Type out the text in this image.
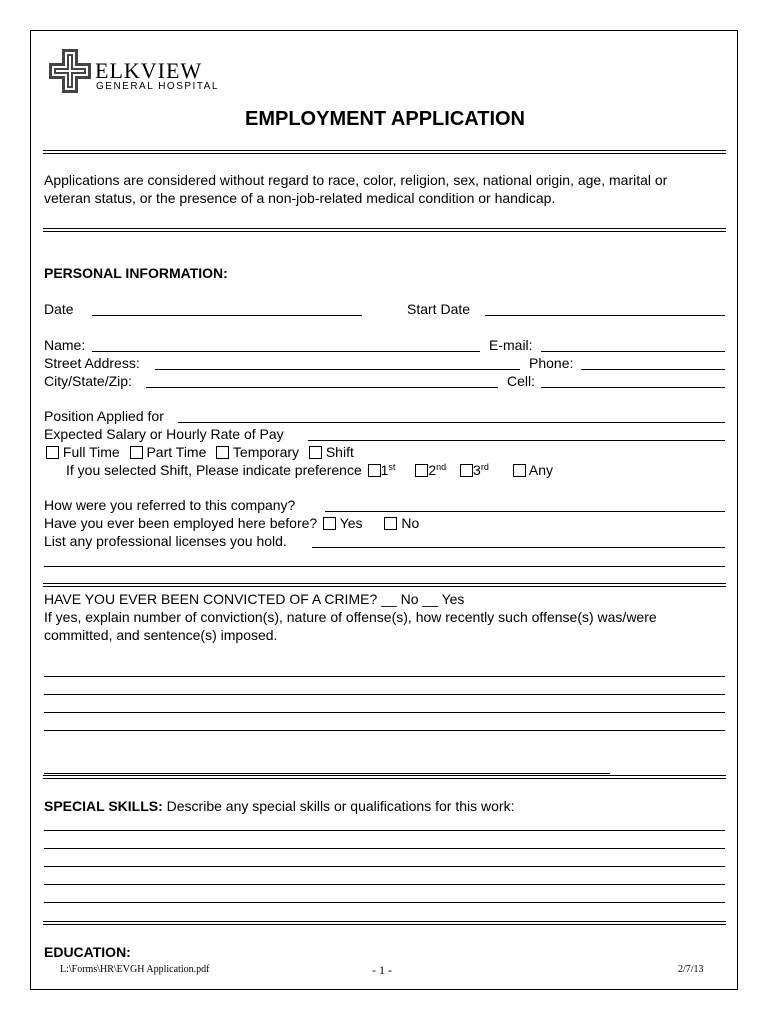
ELKVIEW
GENERAL HOSPITAL
EMPLOYMENT APPLICATION
Applications are considered without regard to race, color, religion, sex, national origin, age, marital or
veteran status, or the presence of a non-job-related medical condition or handicap.
PERSONAL INFORMATION:
Date	Start Date
Name:	E-mail:
Street Address:	Phone:
City/State/Zip:	Cell:
Position Applied for
Expected Salary or Hourly Rate of Pay
Full Time Part Time Temporary Shift
If you selected Shift, Please indicate preference 1st 2nd 3rd	Any
How were you referred to this company?
Have you ever been employed here before? Yes	No
List any professional licenses you hold.
HAVE YOU EVER BEEN CONVICTED OF A CRIME? __ No __ Yes
If yes, explain number of conviction(s), nature of offense(s), how recently such offense(s) was/were
committed, and sentence(s) imposed.
SPECIAL SKILLS: Describe any special skills or qualifications for this work:
EDUCATION:
L:\Forms\HR\EVGH Application.pdf	- 1 -	2/7/13
